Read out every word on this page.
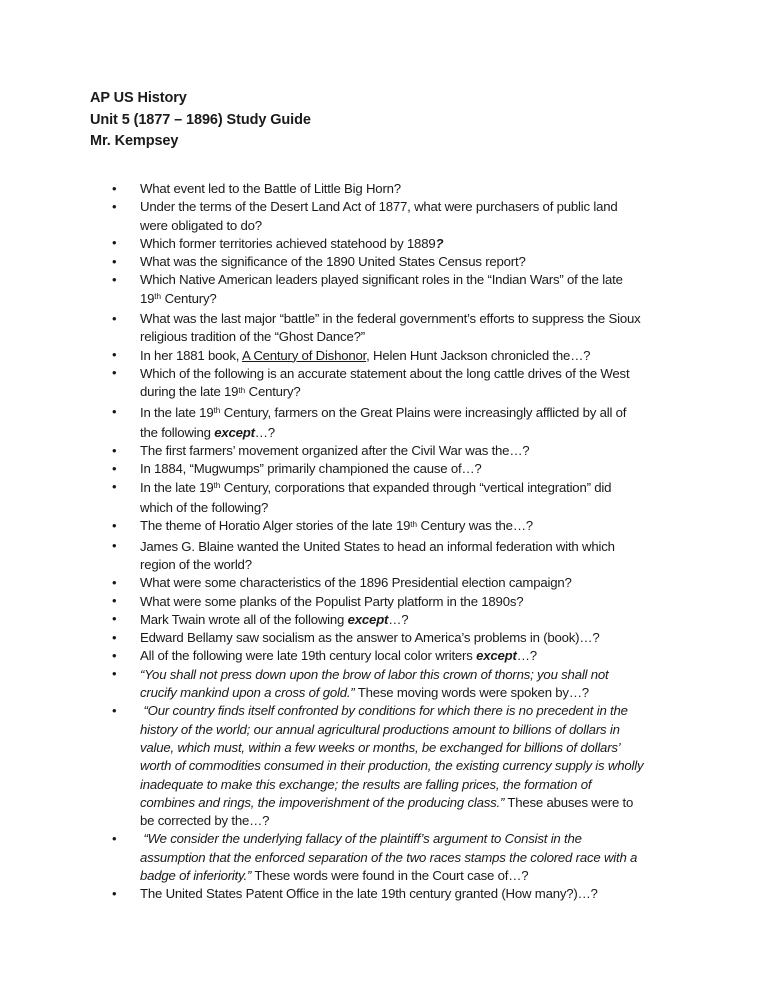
AP US History
Unit 5 (1877 – 1896) Study Guide
Mr. Kempsey
• What event led to the Battle of Little Big Horn?
• Under the terms of the Desert Land Act of 1877, what were purchasers of public land were obligated to do?
• Which former territories achieved statehood by 1889?
• What was the significance of the 1890 United States Census report?
• Which Native American leaders played significant roles in the “Indian Wars” of the late 19th Century?
• What was the last major “battle” in the federal government’s efforts to suppress the Sioux religious tradition of the “Ghost Dance?”
• In her 1881 book, A Century of Dishonor, Helen Hunt Jackson chronicled the…?
• Which of the following is an accurate statement about the long cattle drives of the West during the late 19th Century?
• In the late 19th Century, farmers on the Great Plains were increasingly afflicted by all of the following except…?
• The first farmers’ movement organized after the Civil War was the…?
• In 1884, “Mugwumps” primarily championed the cause of…?
• In the late 19th Century, corporations that expanded through “vertical integration” did which of the following?
• The theme of Horatio Alger stories of the late 19th Century was the…?
• James G. Blaine wanted the United States to head an informal federation with which region of the world?
• What were some characteristics of the 1896 Presidential election campaign?
• What were some planks of the Populist Party platform in the 1890s?
• Mark Twain wrote all of the following except…?
• Edward Bellamy saw socialism as the answer to America’s problems in (book)…?
• All of the following were late 19th century local color writers except…?
• “You shall not press down upon the brow of labor this crown of thorns; you shall not crucify mankind upon a cross of gold.” These moving words were spoken by…?
• “Our country finds itself confronted by conditions for which there is no precedent in the history of the world; our annual agricultural productions amount to billions of dollars in value, which must, within a few weeks or months, be exchanged for billions of dollars’ worth of commodities consumed in their production, the existing currency supply is wholly inadequate to make this exchange; the results are falling prices, the formation of combines and rings, the impoverishment of the producing class.” These abuses were to be corrected by the…?
• “We consider the underlying fallacy of the plaintiff’s argument to Consist in the assumption that the enforced separation of the two races stamps the colored race with a badge of inferiority.” These words were found in the Court case of…?
• The United States Patent Office in the late 19th century granted (How many?)…?
